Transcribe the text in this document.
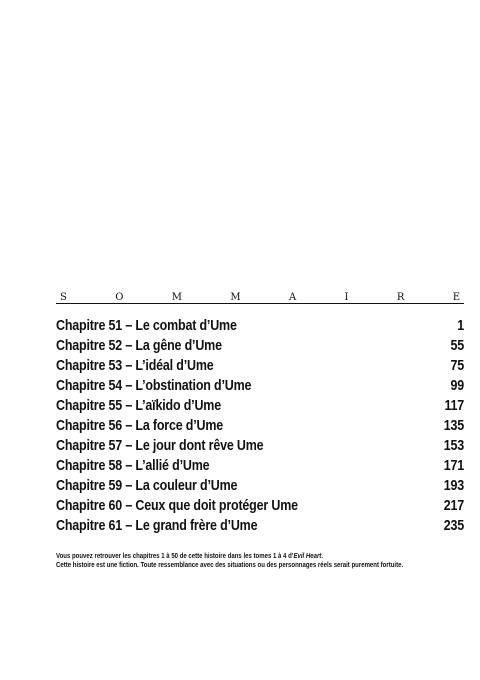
S	O	M	M	A	I	R	E
Chapitre 51 – Le combat d’Ume	1
Chapitre 52 – La gêne d’Ume	55
Chapitre 53 – L’idéal d’Ume	75
Chapitre 54 – L’obstination d’Ume	99
Chapitre 55 – L’aïkido d’Ume	117
Chapitre 56 – La force d’Ume	135
Chapitre 57 – Le jour dont rêve Ume	153
Chapitre 58 – L’allié d’Ume	171
Chapitre 59 – La couleur d’Ume	193
Chapitre 60 – Ceux que doit protéger Ume	217
Chapitre 61 – Le grand frère d’Ume	235

Vous pouvez retrouver les chapitres 1 à 50 de cette histoire dans les tomes 1 à 4 d’Evil Heart.

Cette histoire est une fiction. Toute ressemblance avec des situations ou des personnages réels serait purement fortuite.
